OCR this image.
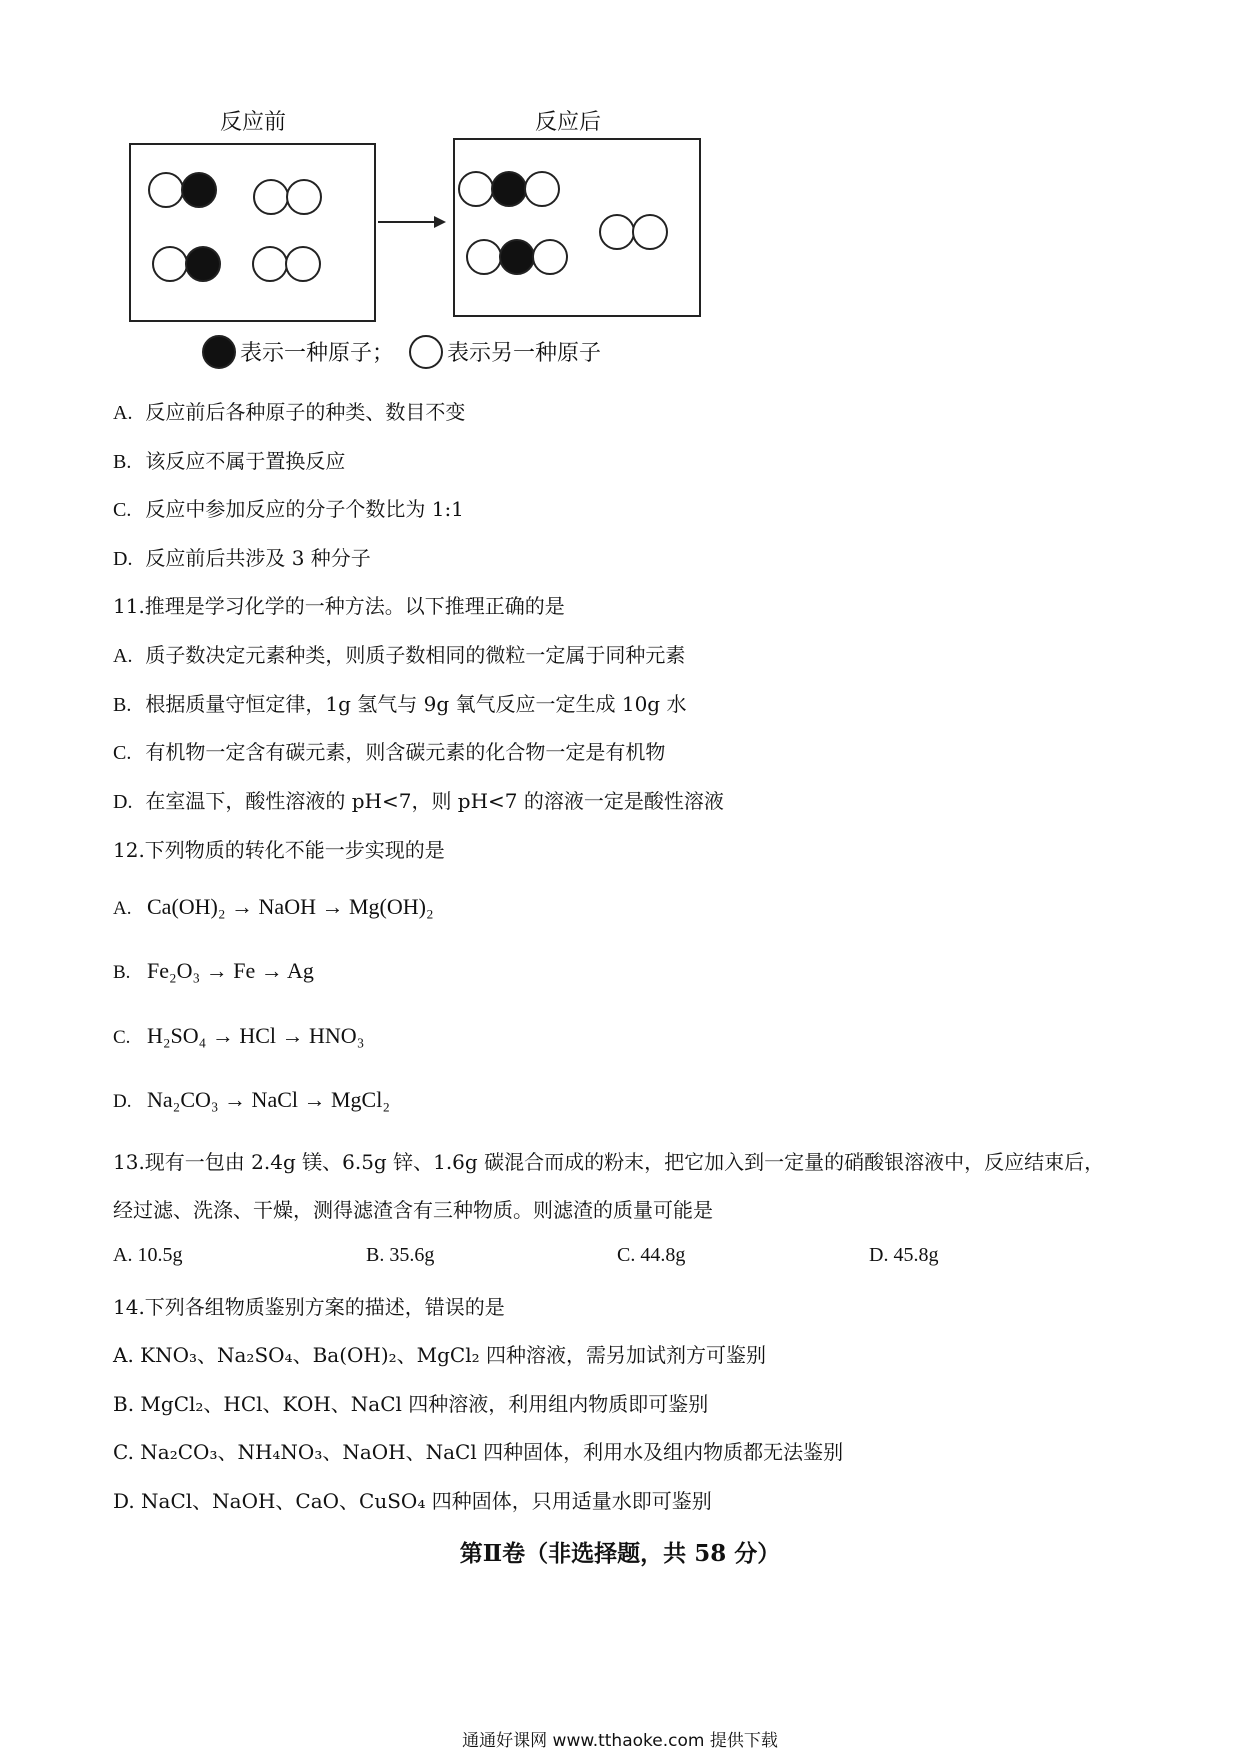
反应前	反应后
表示一种原子； 表示另一种原子
A. 反应前后各种原子的种类、数目不变
B. 该反应不属于置换反应
C. 反应中参加反应的分子个数比为 1:1
D. 反应前后共涉及 3 种分子
11.推理是学习化学的一种方法。以下推理正确的是
A. 质子数决定元素种类，则质子数相同的微粒一定属于同种元素
B. 根据质量守恒定律，1g 氢气与 9g 氧气反应一定生成 10g 水
C. 有机物一定含有碳元素，则含碳元素的化合物一定是有机物
D. 在室温下，酸性溶液的 pH<7，则 pH<7 的溶液一定是酸性溶液
12.下列物质的转化不能一步实现的是
A. Ca(OH)₂ → NaOH → Mg(OH)₂
B. Fe₂O₃ → Fe → Ag
C. H₂SO₄ → HCl → HNO₃
D. Na₂CO₃ → NaCl → MgCl₂
13.现有一包由 2.4g 镁、6.5g 锌、1.6g 碳混合而成的粉末，把它加入到一定量的硝酸银溶液中，反应结束后，
经过滤、洗涤、干燥，测得滤渣含有三种物质。则滤渣的质量可能是
A. 10.5g	B. 35.6g	C. 44.8g	D. 45.8g
14.下列各组物质鉴别方案的描述，错误的是
A. KNO₃、Na₂SO₄、Ba(OH)₂、MgCl₂ 四种溶液，需另加试剂方可鉴别
B. MgCl₂、HCl、KOH、NaCl 四种溶液，利用组内物质即可鉴别
C. Na₂CO₃、NH₄NO₃、NaOH、NaCl 四种固体，利用水及组内物质都无法鉴别
D. NaCl、NaOH、CaO、CuSO₄ 四种固体，只用适量水即可鉴别
第Ⅱ卷（非选择题，共 58 分）
通通好课网 www.tthaoke.com 提供下载
